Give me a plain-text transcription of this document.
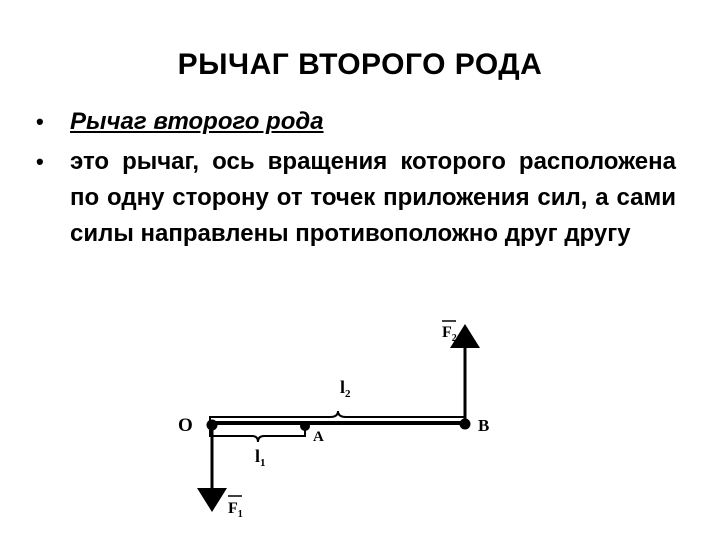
РЫЧАГ ВТОРОГО РОДА
• Рычаг второго рода
• это рычаг, ось вращения которого расположена по одну сторону от точек приложения сил, а сами силы направлены противоположно друг другу
O
A
B
$F_2$
$F_1$
$l_2$
$l_1$
